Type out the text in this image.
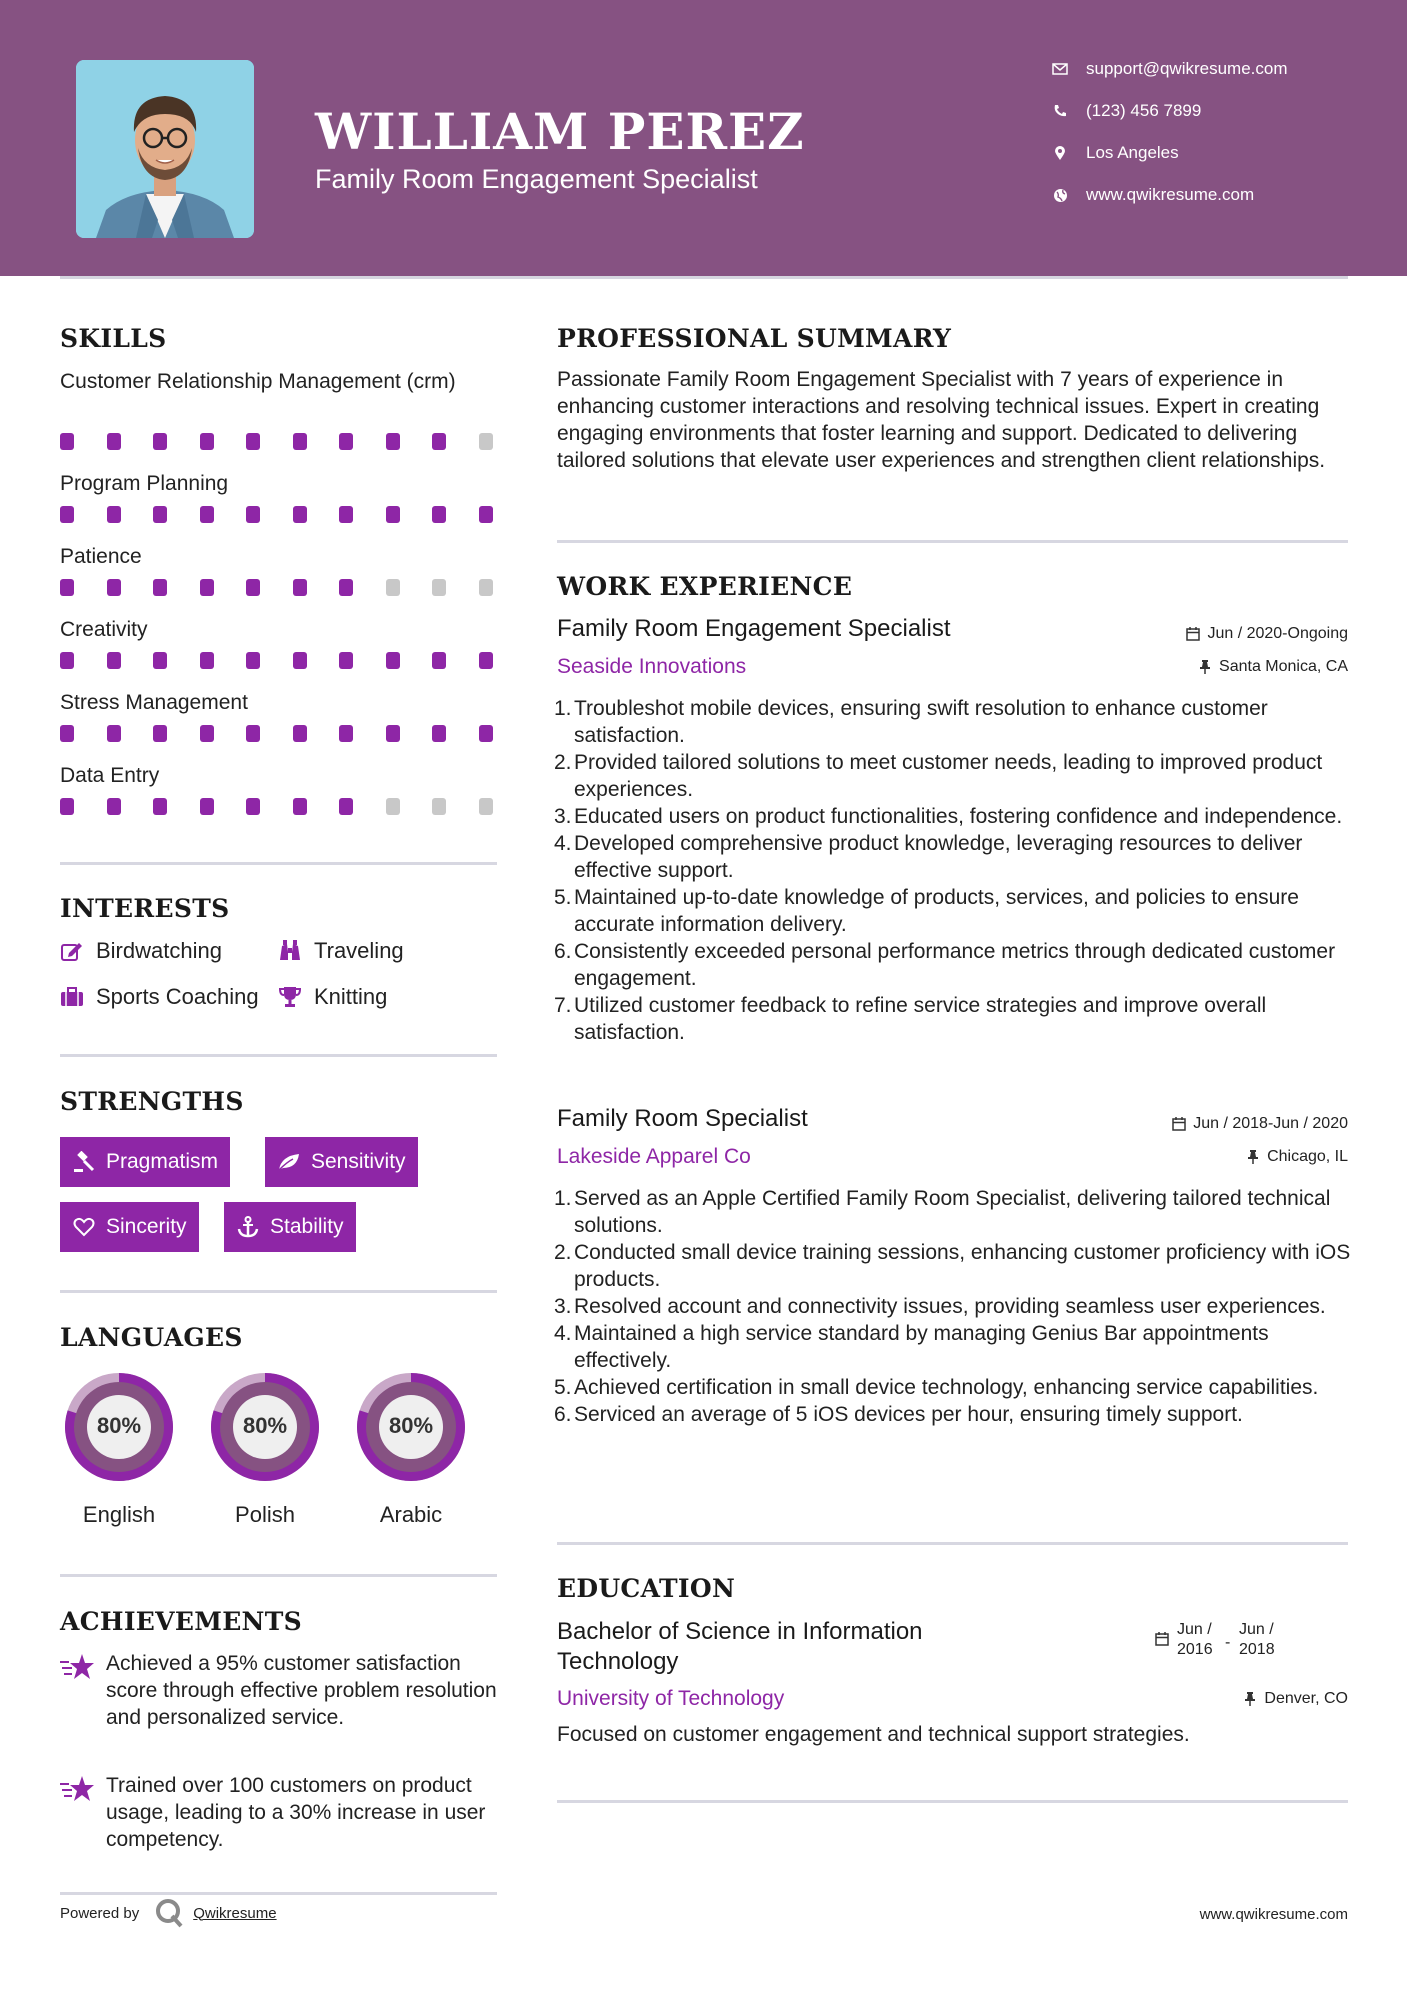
WILLIAM PEREZ
Family Room Engagement Specialist
support@qwikresume.com
(123) 456 7899
Los Angeles
www.qwikresume.com
SKILLS
Customer Relationship Management (crm)
Program Planning
Patience
Creativity
Stress Management
Data Entry
INTERESTS
Birdwatching	Traveling
Sports Coaching	Knitting
STRENGTHS
Pragmatism	Sensitivity
Sincerity	Stability
LANGUAGES
80%
English
80%
Polish
80%
Arabic
ACHIEVEMENTS
Achieved a 95% customer satisfaction score through effective problem resolution and personalized service.
Trained over 100 customers on product usage, leading to a 30% increase in user competency.
PROFESSIONAL SUMMARY
Passionate Family Room Engagement Specialist with 7 years of experience in enhancing customer interactions and resolving technical issues. Expert in creating engaging environments that foster learning and support. Dedicated to delivering tailored solutions that elevate user experiences and strengthen client relationships.
WORK EXPERIENCE
Family Room Engagement Specialist	Jun / 2020-Ongoing
Seaside Innovations	Santa Monica, CA
1. Troubleshot mobile devices, ensuring swift resolution to enhance customer satisfaction.
2. Provided tailored solutions to meet customer needs, leading to improved product experiences.
3. Educated users on product functionalities, fostering confidence and independence.
4. Developed comprehensive product knowledge, leveraging resources to deliver effective support.
5. Maintained up-to-date knowledge of products, services, and policies to ensure accurate information delivery.
6. Consistently exceeded personal performance metrics through dedicated customer engagement.
7. Utilized customer feedback to refine service strategies and improve overall satisfaction.
Family Room Specialist	Jun / 2018-Jun / 2020
Lakeside Apparel Co	Chicago, IL
1. Served as an Apple Certified Family Room Specialist, delivering tailored technical solutions.
2. Conducted small device training sessions, enhancing customer proficiency with iOS products.
3. Resolved account and connectivity issues, providing seamless user experiences.
4. Maintained a high service standard by managing Genius Bar appointments effectively.
5. Achieved certification in small device technology, enhancing service capabilities.
6. Serviced an average of 5 iOS devices per hour, ensuring timely support.
EDUCATION
Bachelor of Science in Information Technology
Jun / 2016 -
Jun / 2018
University of Technology	Denver, CO
Focused on customer engagement and technical support strategies.
Powered by	Qwikresume	www.qwikresume.com
